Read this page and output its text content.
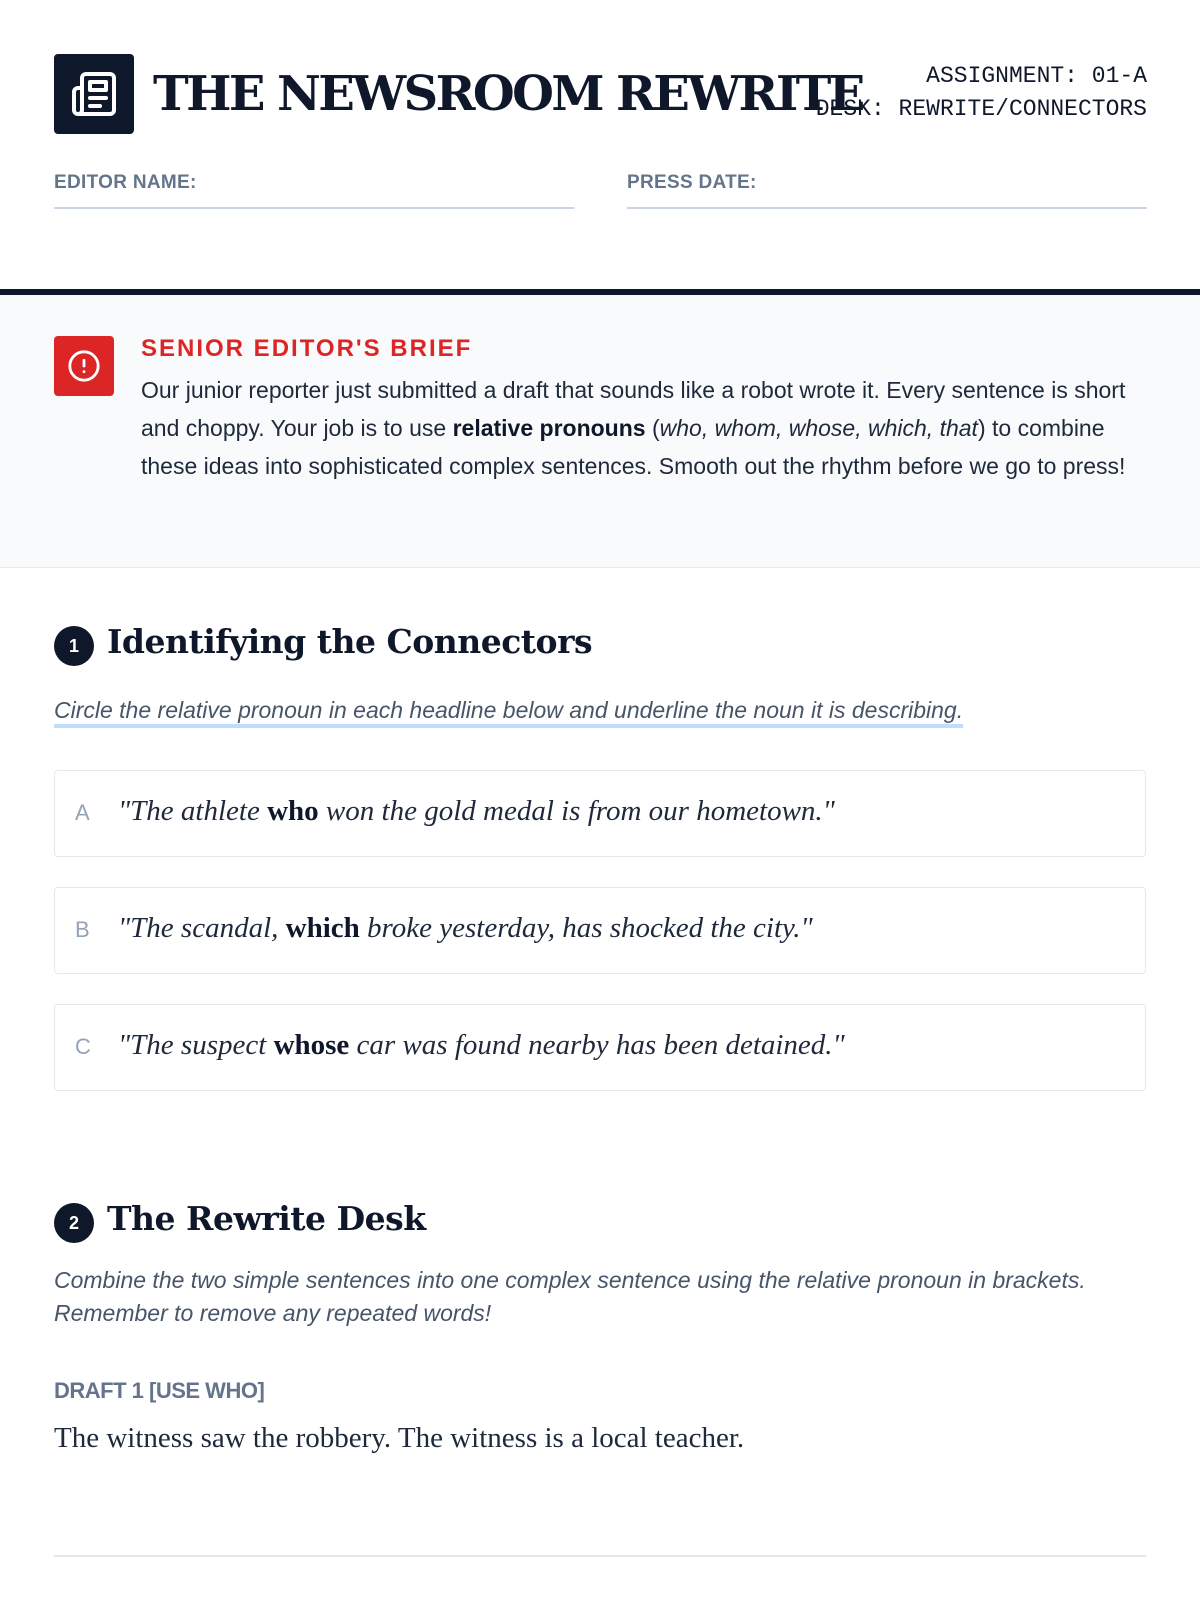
THE NEWSROOM REWRITE	ASSIGNMENT: 01-A
DESK: REWRITE/CONNECTORS
EDITOR NAME:	PRESS DATE:
SENIOR EDITOR'S BRIEF

Our junior reporter just submitted a draft that sounds like a robot wrote it. Every sentence is short and choppy. Your job is to use relative pronouns (who, whom, whose, which, that) to combine these ideas into sophisticated complex sentences. Smooth out the rhythm before we go to press!

1 Identifying the Connectors

Circle the relative pronoun in each headline below and underline the noun it is describing.

A "The athlete who won the gold medal is from our hometown."

B "The scandal, which broke yesterday, has shocked the city."

C "The suspect whose car was found nearby has been detained."

2 The Rewrite Desk

Combine the two simple sentences into one complex sentence using the relative pronoun in brackets. Remember to remove any repeated words!

DRAFT 1 [USE WHO]

The witness saw the robbery. The witness is a local teacher.
